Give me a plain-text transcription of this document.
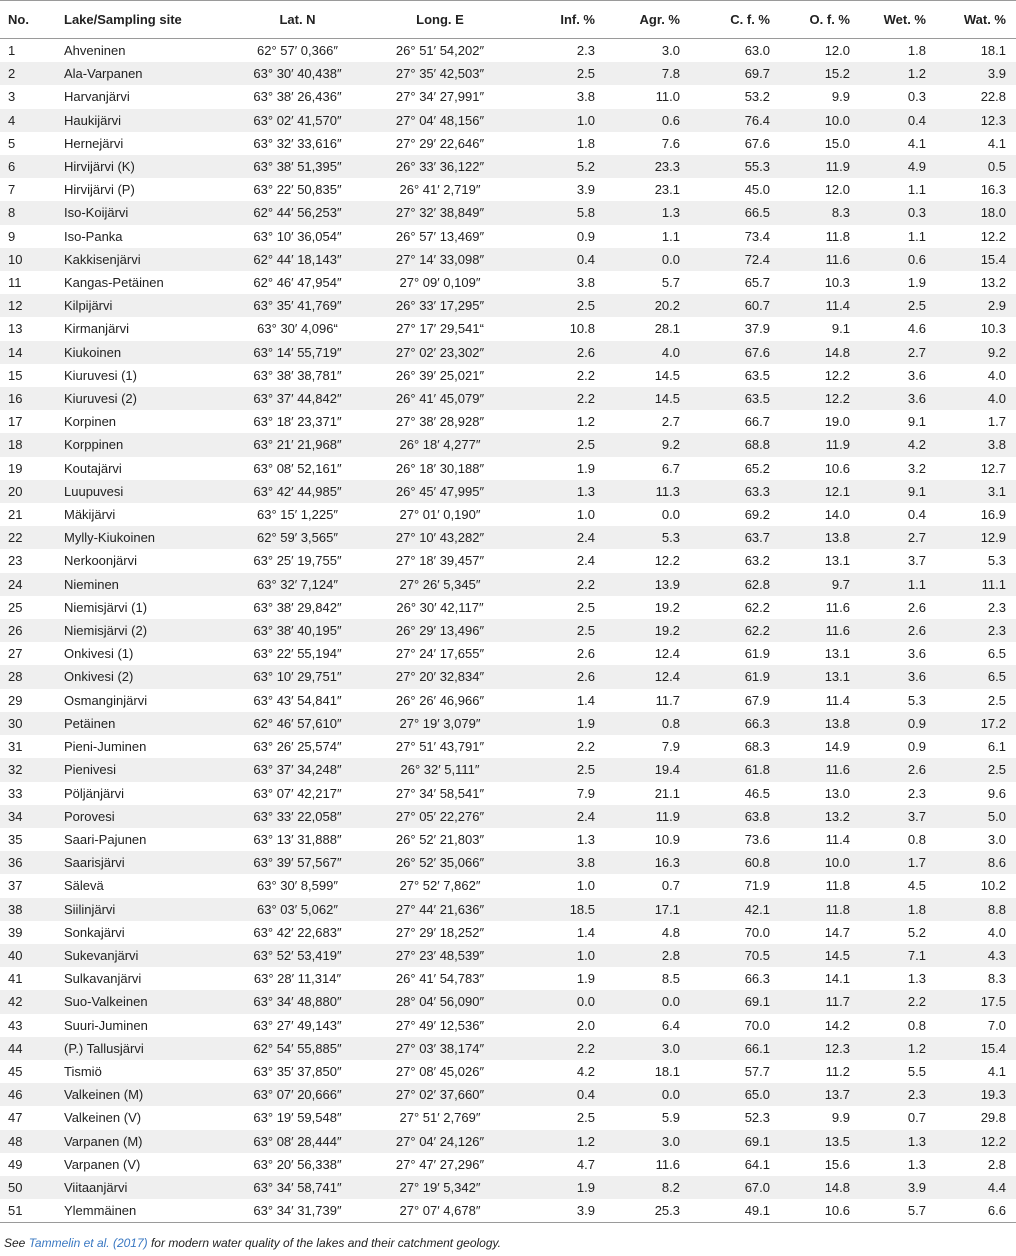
No.	Lake/Sampling site	Lat. N	Long. E	Inf. %	Agr. %	C. f. %	O. f. %	Wet. %	Wat. %
1	Ahveninen	62° 57′ 0,366″	26° 51′ 54,202″	2.3	3.0	63.0	12.0	1.8	18.1
2	Ala-Varpanen	63° 30′ 40,438″	27° 35′ 42,503″	2.5	7.8	69.7	15.2	1.2	3.9
3	Harvanjärvi	63° 38′ 26,436″	27° 34′ 27,991″	3.8	11.0	53.2	9.9	0.3	22.8
4	Haukijärvi	63° 02′ 41,570″	27° 04′ 48,156″	1.0	0.6	76.4	10.0	0.4	12.3
5	Hernejärvi	63° 32′ 33,616″	27° 29′ 22,646″	1.8	7.6	67.6	15.0	4.1	4.1
6	Hirvijärvi (K)	63° 38′ 51,395″	26° 33′ 36,122″	5.2	23.3	55.3	11.9	4.9	0.5
7	Hirvijärvi (P)	63° 22′ 50,835″	26° 41′ 2,719″	3.9	23.1	45.0	12.0	1.1	16.3
8	Iso-Koijärvi	62° 44′ 56,253″	27° 32′ 38,849″	5.8	1.3	66.5	8.3	0.3	18.0
9	Iso-Panka	63° 10′ 36,054″	26° 57′ 13,469″	0.9	1.1	73.4	11.8	1.1	12.2
10	Kakkisenjärvi	62° 44′ 18,143″	27° 14′ 33,098″	0.4	0.0	72.4	11.6	0.6	15.4
11	Kangas-Petäinen	62° 46′ 47,954″	27° 09′ 0,109″	3.8	5.7	65.7	10.3	1.9	13.2
12	Kilpijärvi	63° 35′ 41,769″	26° 33′ 17,295″	2.5	20.2	60.7	11.4	2.5	2.9
13	Kirmanjärvi	63° 30′ 4,096“	27° 17′ 29,541“	10.8	28.1	37.9	9.1	4.6	10.3
14	Kiukoinen	63° 14′ 55,719″	27° 02′ 23,302″	2.6	4.0	67.6	14.8	2.7	9.2
15	Kiuruvesi (1)	63° 38′ 38,781″	26° 39′ 25,021″	2.2	14.5	63.5	12.2	3.6	4.0
16	Kiuruvesi (2)	63° 37′ 44,842″	26° 41′ 45,079″	2.2	14.5	63.5	12.2	3.6	4.0
17	Korpinen	63° 18′ 23,371″	27° 38′ 28,928″	1.2	2.7	66.7	19.0	9.1	1.7
18	Korppinen	63° 21′ 21,968″	26° 18′ 4,277″	2.5	9.2	68.8	11.9	4.2	3.8
19	Koutajärvi	63° 08′ 52,161″	26° 18′ 30,188″	1.9	6.7	65.2	10.6	3.2	12.7
20	Luupuvesi	63° 42′ 44,985″	26° 45′ 47,995″	1.3	11.3	63.3	12.1	9.1	3.1
21	Mäkijärvi	63° 15′ 1,225″	27° 01′ 0,190″	1.0	0.0	69.2	14.0	0.4	16.9
22	Mylly-Kiukoinen	62° 59′ 3,565″	27° 10′ 43,282″	2.4	5.3	63.7	13.8	2.7	12.9
23	Nerkoonjärvi	63° 25′ 19,755″	27° 18′ 39,457″	2.4	12.2	63.2	13.1	3.7	5.3
24	Nieminen	63° 32′ 7,124″	27° 26′ 5,345″	2.2	13.9	62.8	9.7	1.1	11.1
25	Niemisjärvi (1)	63° 38′ 29,842″	26° 30′ 42,117″	2.5	19.2	62.2	11.6	2.6	2.3
26	Niemisjärvi (2)	63° 38′ 40,195″	26° 29′ 13,496″	2.5	19.2	62.2	11.6	2.6	2.3
27	Onkivesi (1)	63° 22′ 55,194″	27° 24′ 17,655″	2.6	12.4	61.9	13.1	3.6	6.5
28	Onkivesi (2)	63° 10′ 29,751″	27° 20′ 32,834″	2.6	12.4	61.9	13.1	3.6	6.5
29	Osmanginjärvi	63° 43′ 54,841″	26° 26′ 46,966″	1.4	11.7	67.9	11.4	5.3	2.5
30	Petäinen	62° 46′ 57,610″	27° 19′ 3,079″	1.9	0.8	66.3	13.8	0.9	17.2
31	Pieni-Juminen	63° 26′ 25,574″	27° 51′ 43,791″	2.2	7.9	68.3	14.9	0.9	6.1
32	Pienivesi	63° 37′ 34,248″	26° 32′ 5,111″	2.5	19.4	61.8	11.6	2.6	2.5
33	Pöljänjärvi	63° 07′ 42,217″	27° 34′ 58,541″	7.9	21.1	46.5	13.0	2.3	9.6
34	Porovesi	63° 33′ 22,058″	27° 05′ 22,276″	2.4	11.9	63.8	13.2	3.7	5.0
35	Saari-Pajunen	63° 13′ 31,888″	26° 52′ 21,803″	1.3	10.9	73.6	11.4	0.8	3.0
36	Saarisjärvi	63° 39′ 57,567″	26° 52′ 35,066″	3.8	16.3	60.8	10.0	1.7	8.6
37	Sälevä	63° 30′ 8,599″	27° 52′ 7,862″	1.0	0.7	71.9	11.8	4.5	10.2
38	Siilinjärvi	63° 03′ 5,062″	27° 44′ 21,636″	18.5	17.1	42.1	11.8	1.8	8.8
39	Sonkajärvi	63° 42′ 22,683″	27° 29′ 18,252″	1.4	4.8	70.0	14.7	5.2	4.0
40	Sukevanjärvi	63° 52′ 53,419″	27° 23′ 48,539″	1.0	2.8	70.5	14.5	7.1	4.3
41	Sulkavanjärvi	63° 28′ 11,314″	26° 41′ 54,783″	1.9	8.5	66.3	14.1	1.3	8.3
42	Suo-Valkeinen	63° 34′ 48,880″	28° 04′ 56,090″	0.0	0.0	69.1	11.7	2.2	17.5
43	Suuri-Juminen	63° 27′ 49,143″	27° 49′ 12,536″	2.0	6.4	70.0	14.2	0.8	7.0
44	(P.) Tallusjärvi	62° 54′ 55,885″	27° 03′ 38,174″	2.2	3.0	66.1	12.3	1.2	15.4
45	Tismiö	63° 35′ 37,850″	27° 08′ 45,026″	4.2	18.1	57.7	11.2	5.5	4.1
46	Valkeinen (M)	63° 07′ 20,666″	27° 02′ 37,660″	0.4	0.0	65.0	13.7	2.3	19.3
47	Valkeinen (V)	63° 19′ 59,548″	27° 51′ 2,769″	2.5	5.9	52.3	9.9	0.7	29.8
48	Varpanen (M)	63° 08′ 28,444″	27° 04′ 24,126″	1.2	3.0	69.1	13.5	1.3	12.2
49	Varpanen (V)	63° 20′ 56,338″	27° 47′ 27,296″	4.7	11.6	64.1	15.6	1.3	2.8
50	Viitaanjärvi	63° 34′ 58,741″	27° 19′ 5,342″	1.9	8.2	67.0	14.8	3.9	4.4
51	Ylemmäinen	63° 34′ 31,739″	27° 07′ 4,678″	3.9	25.3	49.1	10.6	5.7	6.6
See Tammelin et al. (2017) for modern water quality of the lakes and their catchment geology.
